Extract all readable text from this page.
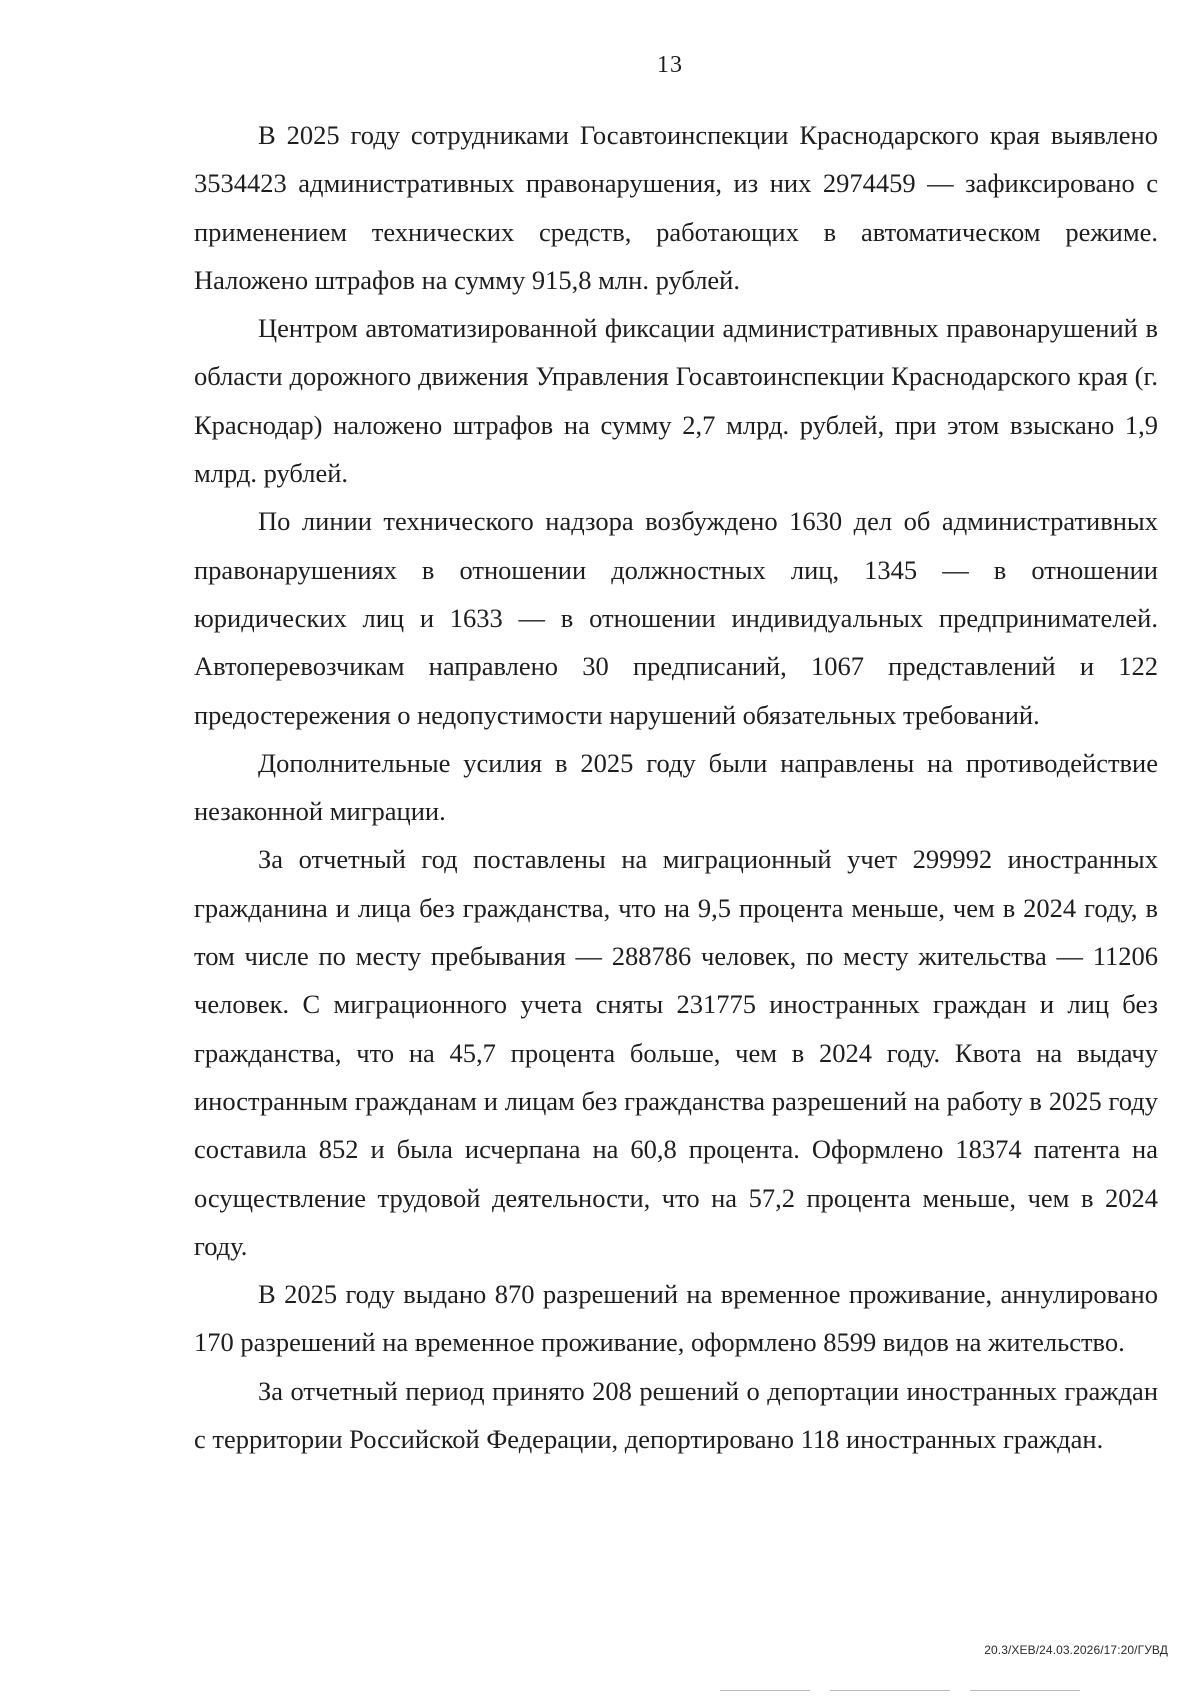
13

В 2025 году сотрудниками Госавтоинспекции Краснодарского края выявлено 3534423 административных правонарушения, из них 2974459 — зафиксировано с применением технических средств, работающих в автоматическом режиме. Наложено штрафов на сумму 915,8 млн. рублей.

Центром автоматизированной фиксации административных правонарушений в области дорожного движения Управления Госавтоинспекции Краснодарского края (г. Краснодар) наложено штрафов на сумму 2,7 млрд. рублей, при этом взыскано 1,9 млрд. рублей.

По линии технического надзора возбуждено 1630 дел об административных правонарушениях в отношении должностных лиц, 1345 — в отношении юридических лиц и 1633 — в отношении индивидуальных предпринимателей. Автоперевозчикам направлено 30 предписаний, 1067 представлений и 122 предостережения о недопустимости нарушений обязательных требований.

Дополнительные усилия в 2025 году были направлены на противодействие незаконной миграции.

За отчетный год поставлены на миграционный учет 299992 иностранных гражданина и лица без гражданства, что на 9,5 процента меньше, чем в 2024 году, в том числе по месту пребывания — 288786 человек, по месту жительства — 11206 человек. С миграционного учета сняты 231775 иностранных граждан и лиц без гражданства, что на 45,7 процента больше, чем в 2024 году. Квота на выдачу иностранным гражданам и лицам без гражданства разрешений на работу в 2025 году составила 852 и была исчерпана на 60,8 процента. Оформлено 18374 патента на осуществление трудовой деятельности, что на 57,2 процента меньше, чем в 2024 году.

В 2025 году выдано 870 разрешений на временное проживание, аннулировано 170 разрешений на временное проживание, оформлено 8599 видов на жительство.

За отчетный период принято 208 решений о депортации иностранных граждан с территории Российской Федерации, депортировано 118 иностранных граждан.

20.3/ХЕВ/24.03.2026/17:20/ГУВД
